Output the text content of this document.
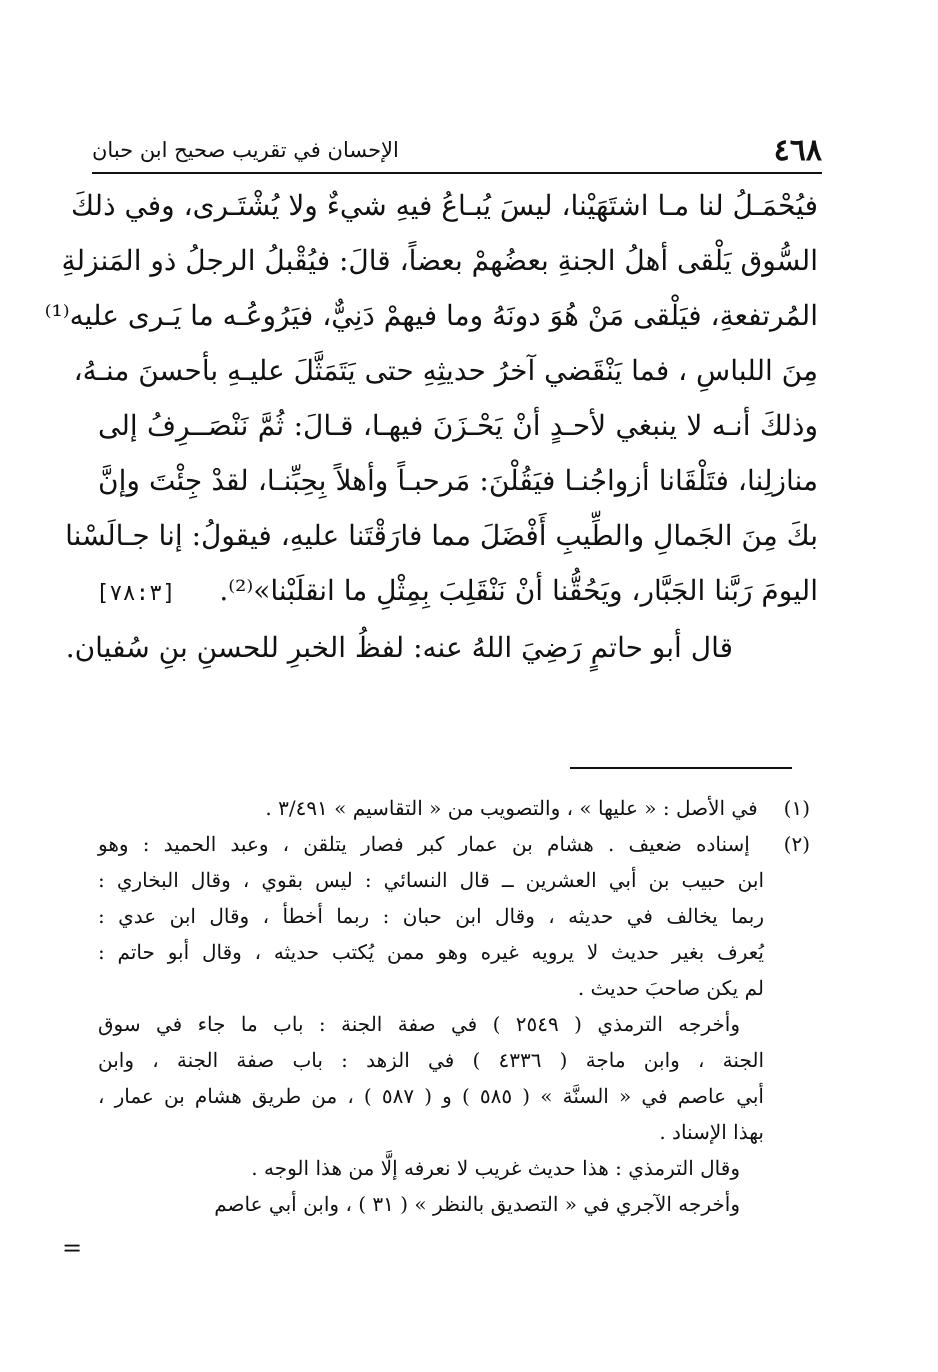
٤٦٨
الإحسان في تقريب صحيح ابن حبان
فيُحْمَـلُ لنا مـا اشتَهَيْنا، ليسَ يُبـاعُ فيهِ شيءٌ ولا يُشْتَـرى، وفي ذلكَ
السُّوق يَلْقى أهلُ الجنةِ بعضُهمْ بعضاً، قالَ: فيُقْبلُ الرجلُ ذو المَنزلةِ
المُرتفعةِ، فيَلْقى مَنْ هُوَ دونَهُ وما فيهمْ دَنِيٌّ، فيَرُوعُـه ما يَـرى عليه⁽¹⁾
مِنَ اللباسِ ، فما يَنْقَضي آخرُ حديثِهِ حتى يَتَمَثَّلَ عليـهِ بأحسنَ منـهُ،
وذلكَ أنـه لا ينبغي لأحـدٍ أنْ يَحْـزَنَ فيهـا، قـالَ: ثُمَّ نَنْصَــرِفُ إلى
منازلِنا، فتَلْقَانا أزواجُنـا فيَقُلْنَ: مَرحبـاً وأهلاً بِحِبِّنـا، لقدْ جِئْتَ وإنَّ
بكَ مِنَ الجَمالِ والطِّيبِ أَفْضَلَ مما فارَقْتَنا عليهِ، فيقولُ: إنا جـالَسْنا
اليومَ رَبَّنا الجَبَّار، ويَحُقُّنا أنْ نَنْقَلِبَ بِمِثْلِ ما انقلَبْنا»⁽²⁾.
[٧٨:٣]
قال أبو حاتمٍ رَضِيَ اللهُ عنه: لفظُ الخبرِ للحسنِ بنِ سُفيان.
(١) في الأصل : « عليها » ، والتصويب من « التقاسيم » ٣/٤٩١ .
(٢) إسناده ضعيف . هشام بن عمار كبر فصار يتلقن ، وعبد الحميد : وهو
ابن حبيب بن أبي العشرين ــ قال النسائي : ليس بقوي ، وقال البخاري :
ربما يخالف في حديثه ، وقال ابن حبان : ربما أخطأ ، وقال ابن عدي :
يُعرف بغير حديث لا يرويه غيره وهو ممن يُكتب حديثه ، وقال أبو حاتم :
لم يكن صاحبَ حديث .
وأخرجه الترمذي ( ٢٥٤٩ ) في صفة الجنة : باب ما جاء في سوق
الجنة ، وابن ماجة ( ٤٣٣٦ ) في الزهد : باب صفة الجنة ، وابن
أبي عاصم في « السنَّة » ( ٥٨٥ ) و ( ٥٨٧ ) ، من طريق هشام بن عمار ،
بهذا الإسناد .
وقال الترمذي : هذا حديث غريب لا نعرفه إلَّا من هذا الوجه .
وأخرجه الآجري في « التصديق بالنظر » ( ٣١ ) ، وابن أبي عاصم
=
